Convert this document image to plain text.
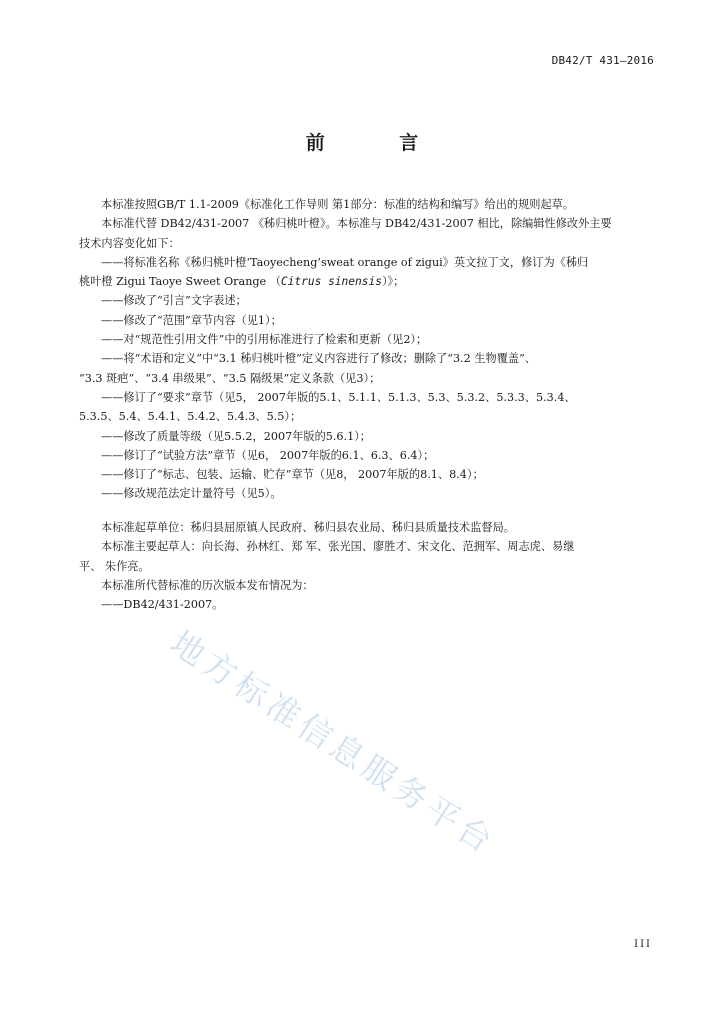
DB42/T 431—2016
前 言
本标准按照GB/T 1.1-2009《标准化工作导则 第1部分：标准的结构和编写》给出的规则起草。
本标准代替 DB42/431-2007 《秭归桃叶橙》。本标准与 DB42/431-2007 相比，除编辑性修改外主要
技术内容变化如下：
——将标准名称《秭归桃叶橙‘Taoyecheng’sweat orange of zigui》英文拉丁文，修订为《秭归
桃叶橙 Zigui Taoye Sweet Orange （Citrus sinensis）》；
——修改了“引言”文字表述；
——修改了“范围”章节内容（见1）；
——对“规范性引用文件”中的引用标准进行了检索和更新（见2）；
——将“术语和定义”中“3.1 秭归桃叶橙”定义内容进行了修改；删除了“3.2 生物覆盖”、
“3.3 斑疤”、“3.4 串级果”、“3.5 隔级果”定义条款（见3）；
——修订了“要求”章节（见5， 2007年版的5.1、5.1.1、5.1.3、5.3、5.3.2、5.3.3、5.3.4、
5.3.5、5.4、5.4.1、5.4.2、5.4.3、5.5）；
——修改了质量等级（见5.5.2，2007年版的5.6.1）；
——修订了“试验方法”章节（见6， 2007年版的6.1、6.3、6.4）；
——修订了“标志、包装、运输、贮存”章节（见8， 2007年版的8.1、8.4）；
——修改规范法定计量符号（见5）。
本标准起草单位：秭归县屈原镇人民政府、秭归县农业局、秭归县质量技术监督局。
本标准主要起草人：向长海、孙林红、郑 军、张光国、廖胜才、宋文化、范拥军、周志虎、易继
平、 朱作亮。
本标准所代替标准的历次版本发布情况为：
——DB42/431-2007。
地方标准信息服务平台
III
